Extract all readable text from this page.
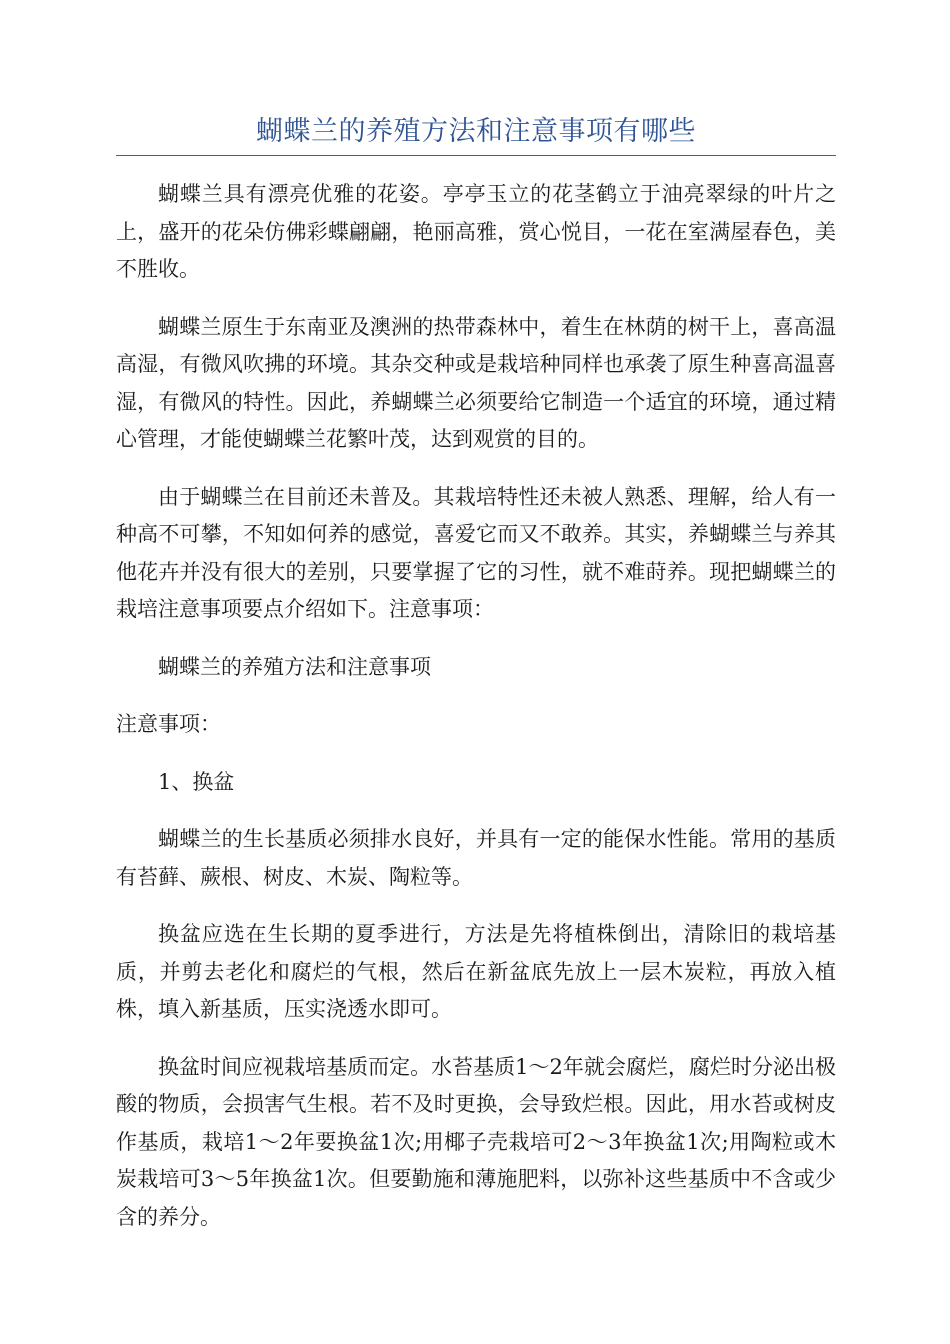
蝴蝶兰的养殖方法和注意事项有哪些

蝴蝶兰具有漂亮优雅的花姿。亭亭玉立的花茎鹤立于油亮翠绿的叶片之上，盛开的花朵仿佛彩蝶翩翩，艳丽高雅，赏心悦目，一花在室满屋春色，美不胜收。

蝴蝶兰原生于东南亚及澳洲的热带森林中，着生在林荫的树干上，喜高温高湿，有微风吹拂的环境。其杂交种或是栽培种同样也承袭了原生种喜高温喜湿，有微风的特性。因此，养蝴蝶兰必须要给它制造一个适宜的环境，通过精心管理，才能使蝴蝶兰花繁叶茂，达到观赏的目的。

由于蝴蝶兰在目前还未普及。其栽培特性还未被人熟悉、理解，给人有一种高不可攀，不知如何养的感觉，喜爱它而又不敢养。其实，养蝴蝶兰与养其他花卉并没有很大的差别，只要掌握了它的习性，就不难莳养。现把蝴蝶兰的栽培注意事项要点介绍如下。注意事项：

蝴蝶兰的养殖方法和注意事项

注意事项：

1、换盆

蝴蝶兰的生长基质必须排水良好，并具有一定的能保水性能。常用的基质有苔藓、蕨根、树皮、木炭、陶粒等。

换盆应选在生长期的夏季进行，方法是先将植株倒出，清除旧的栽培基质，并剪去老化和腐烂的气根，然后在新盆底先放上一层木炭粒，再放入植株，填入新基质，压实浇透水即可。

换盆时间应视栽培基质而定。水苔基质1～2年就会腐烂，腐烂时分泌出极酸的物质，会损害气生根。若不及时更换，会导致烂根。因此，用水苔或树皮作基质，栽培1～2年要换盆1次;用椰子壳栽培可2～3年换盆1次;用陶粒或木炭栽培可3～5年换盆1次。但要勤施和薄施肥料，以弥补这些基质中不含或少含的养分。
